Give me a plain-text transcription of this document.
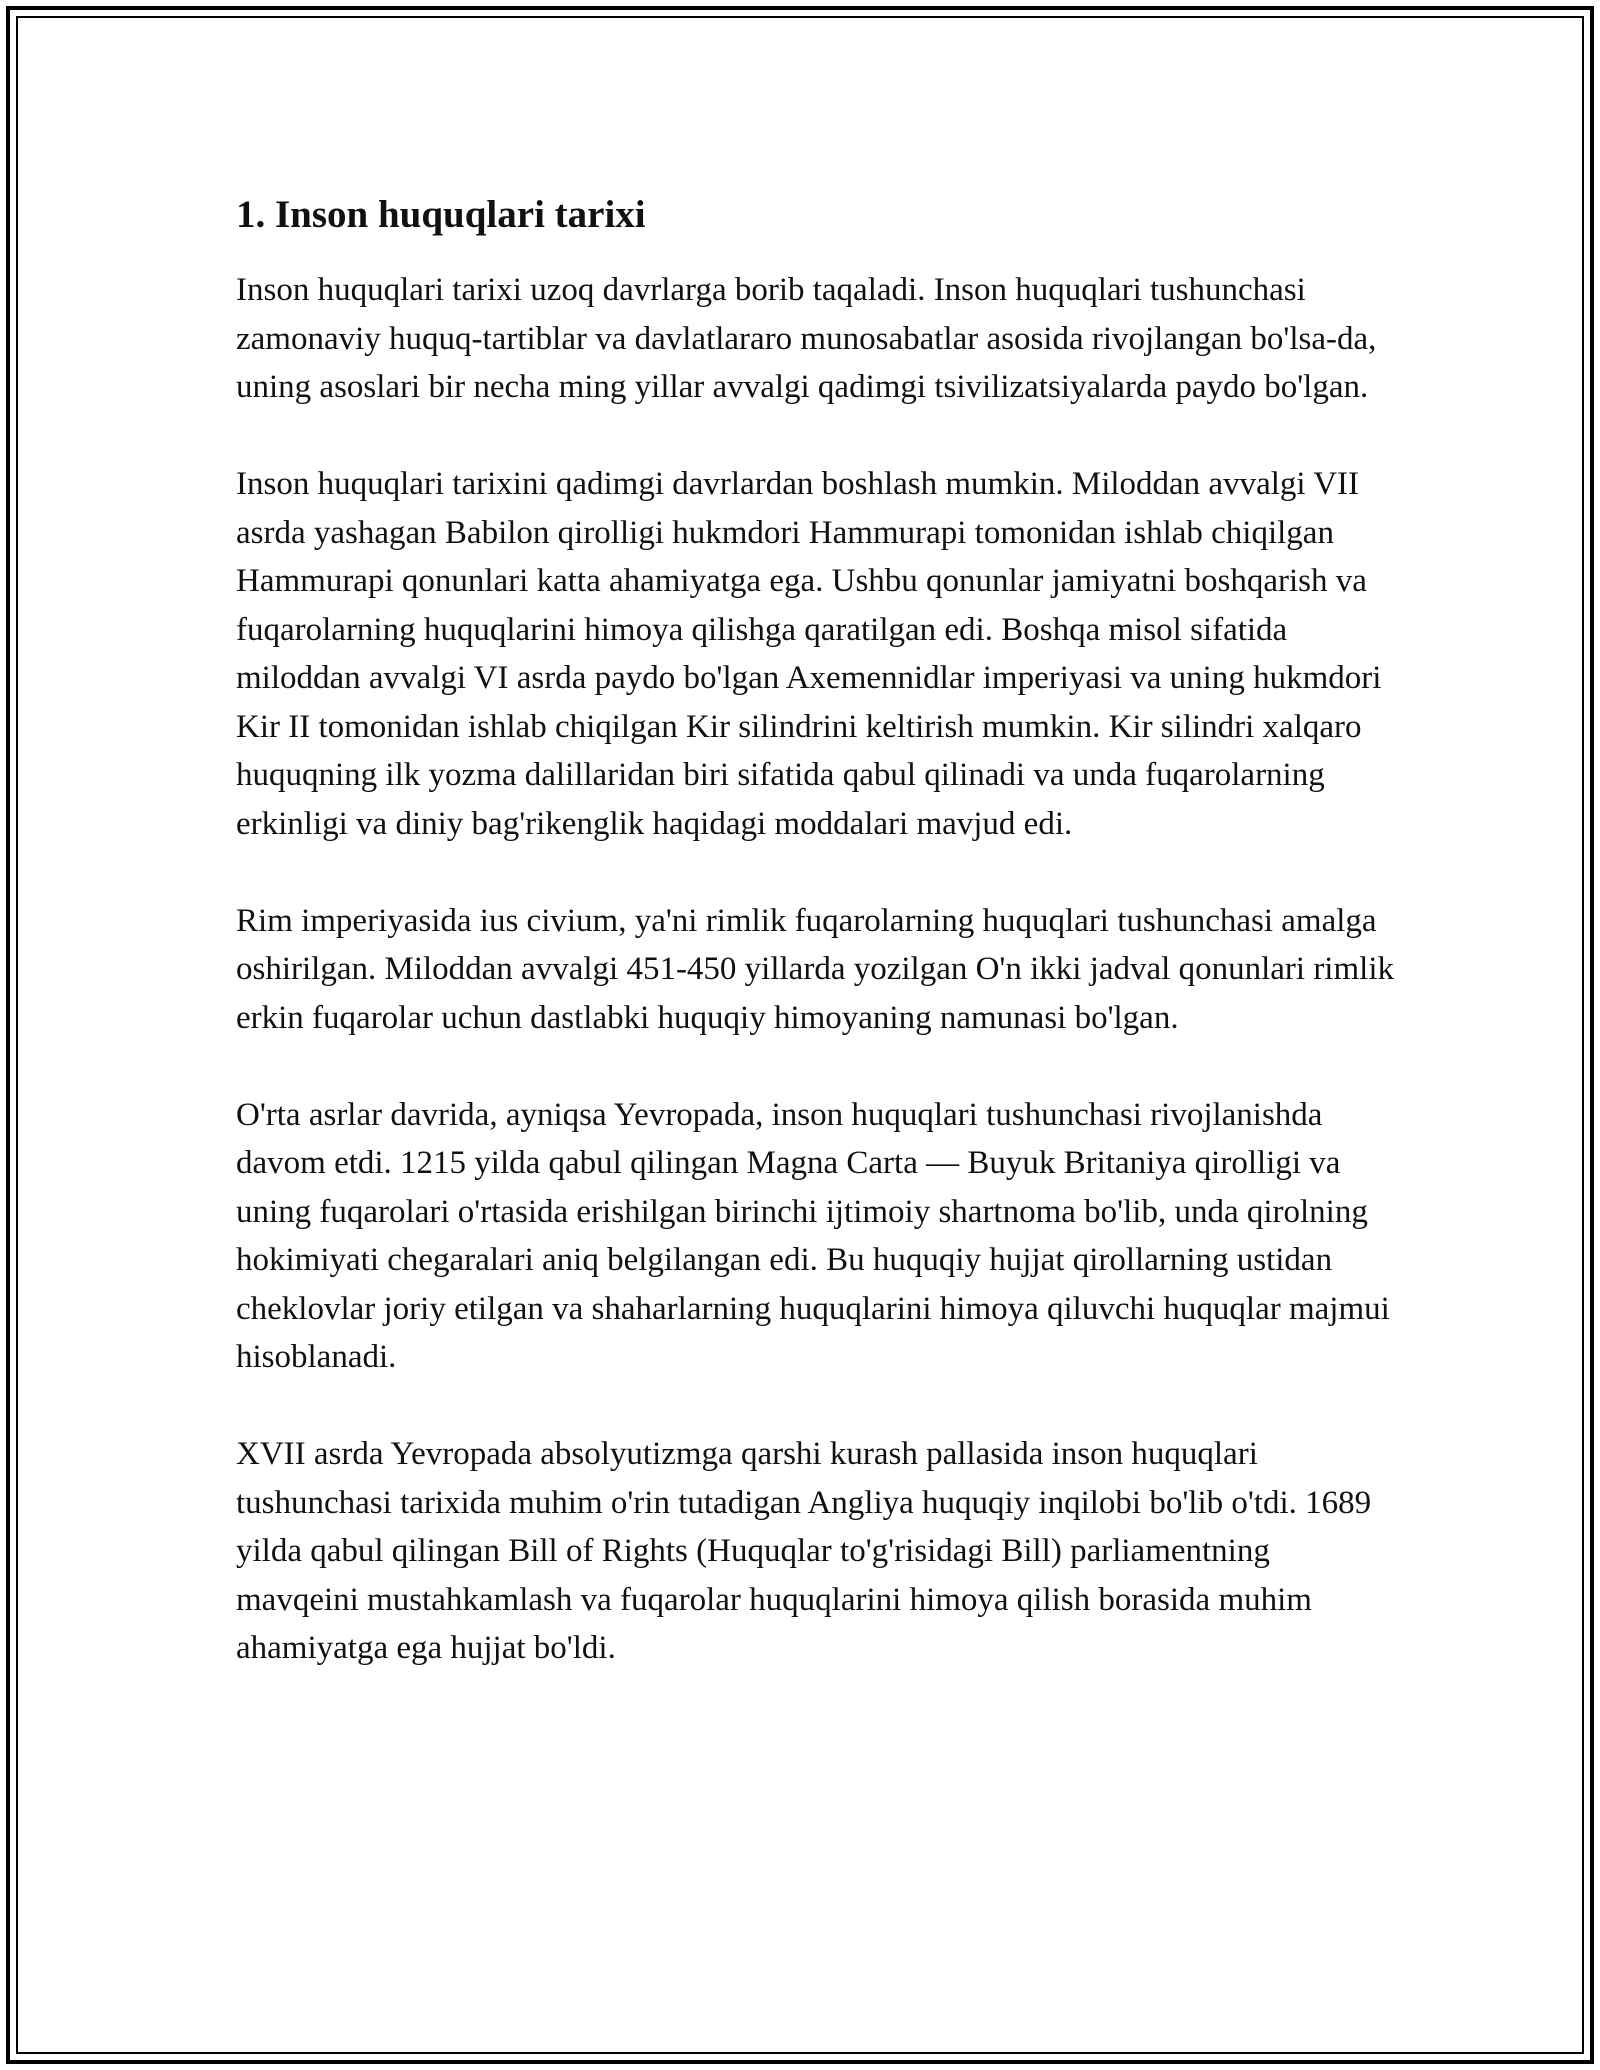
1. Inson huquqlari tarixi

Inson huquqlari tarixi uzoq davrlarga borib taqaladi. Inson huquqlari tushunchasi zamonaviy huquq-tartiblar va davlatlararo munosabatlar asosida rivojlangan bo'lsa-da, uning asoslari bir necha ming yillar avvalgi qadimgi tsivilizatsiyalarda paydo bo'lgan.

Inson huquqlari tarixini qadimgi davrlardan boshlash mumkin. Miloddan avvalgi VII asrda yashagan Babilon qirolligi hukmdori Hammurapi tomonidan ishlab chiqilgan Hammurapi qonunlari katta ahamiyatga ega. Ushbu qonunlar jamiyatni boshqarish va fuqarolarning huquqlarini himoya qilishga qaratilgan edi. Boshqa misol sifatida miloddan avvalgi VI asrda paydo bo'lgan Axemennidlar imperiyasi va uning hukmdori Kir II tomonidan ishlab chiqilgan Kir silindrini keltirish mumkin. Kir silindri xalqaro huquqning ilk yozma dalillaridan biri sifatida qabul qilinadi va unda fuqarolarning erkinligi va diniy bag'rikenglik haqidagi moddalari mavjud edi.

Rim imperiyasida ius civium, ya'ni rimlik fuqarolarning huquqlari tushunchasi amalga oshirilgan. Miloddan avvalgi 451-450 yillarda yozilgan O'n ikki jadval qonunlari rimlik erkin fuqarolar uchun dastlabki huquqiy himoyaning namunasi bo'lgan.

O'rta asrlar davrida, ayniqsa Yevropada, inson huquqlari tushunchasi rivojlanishda davom etdi. 1215 yilda qabul qilingan Magna Carta — Buyuk Britaniya qirolligi va uning fuqarolari o'rtasida erishilgan birinchi ijtimoiy shartnoma bo'lib, unda qirolning hokimiyati chegaralari aniq belgilangan edi. Bu huquqiy hujjat qirollarning ustidan cheklovlar joriy etilgan va shaharlarning huquqlarini himoya qiluvchi huquqlar majmui hisoblanadi.

XVII asrda Yevropada absolyutizmga qarshi kurash pallasida inson huquqlari tushunchasi tarixida muhim o'rin tutadigan Angliya huquqiy inqilobi bo'lib o'tdi. 1689 yilda qabul qilingan Bill of Rights (Huquqlar to'g'risidagi Bill) parliamentning mavqeini mustahkamlash va fuqarolar huquqlarini himoya qilish borasida muhim ahamiyatga ega hujjat bo'ldi.
